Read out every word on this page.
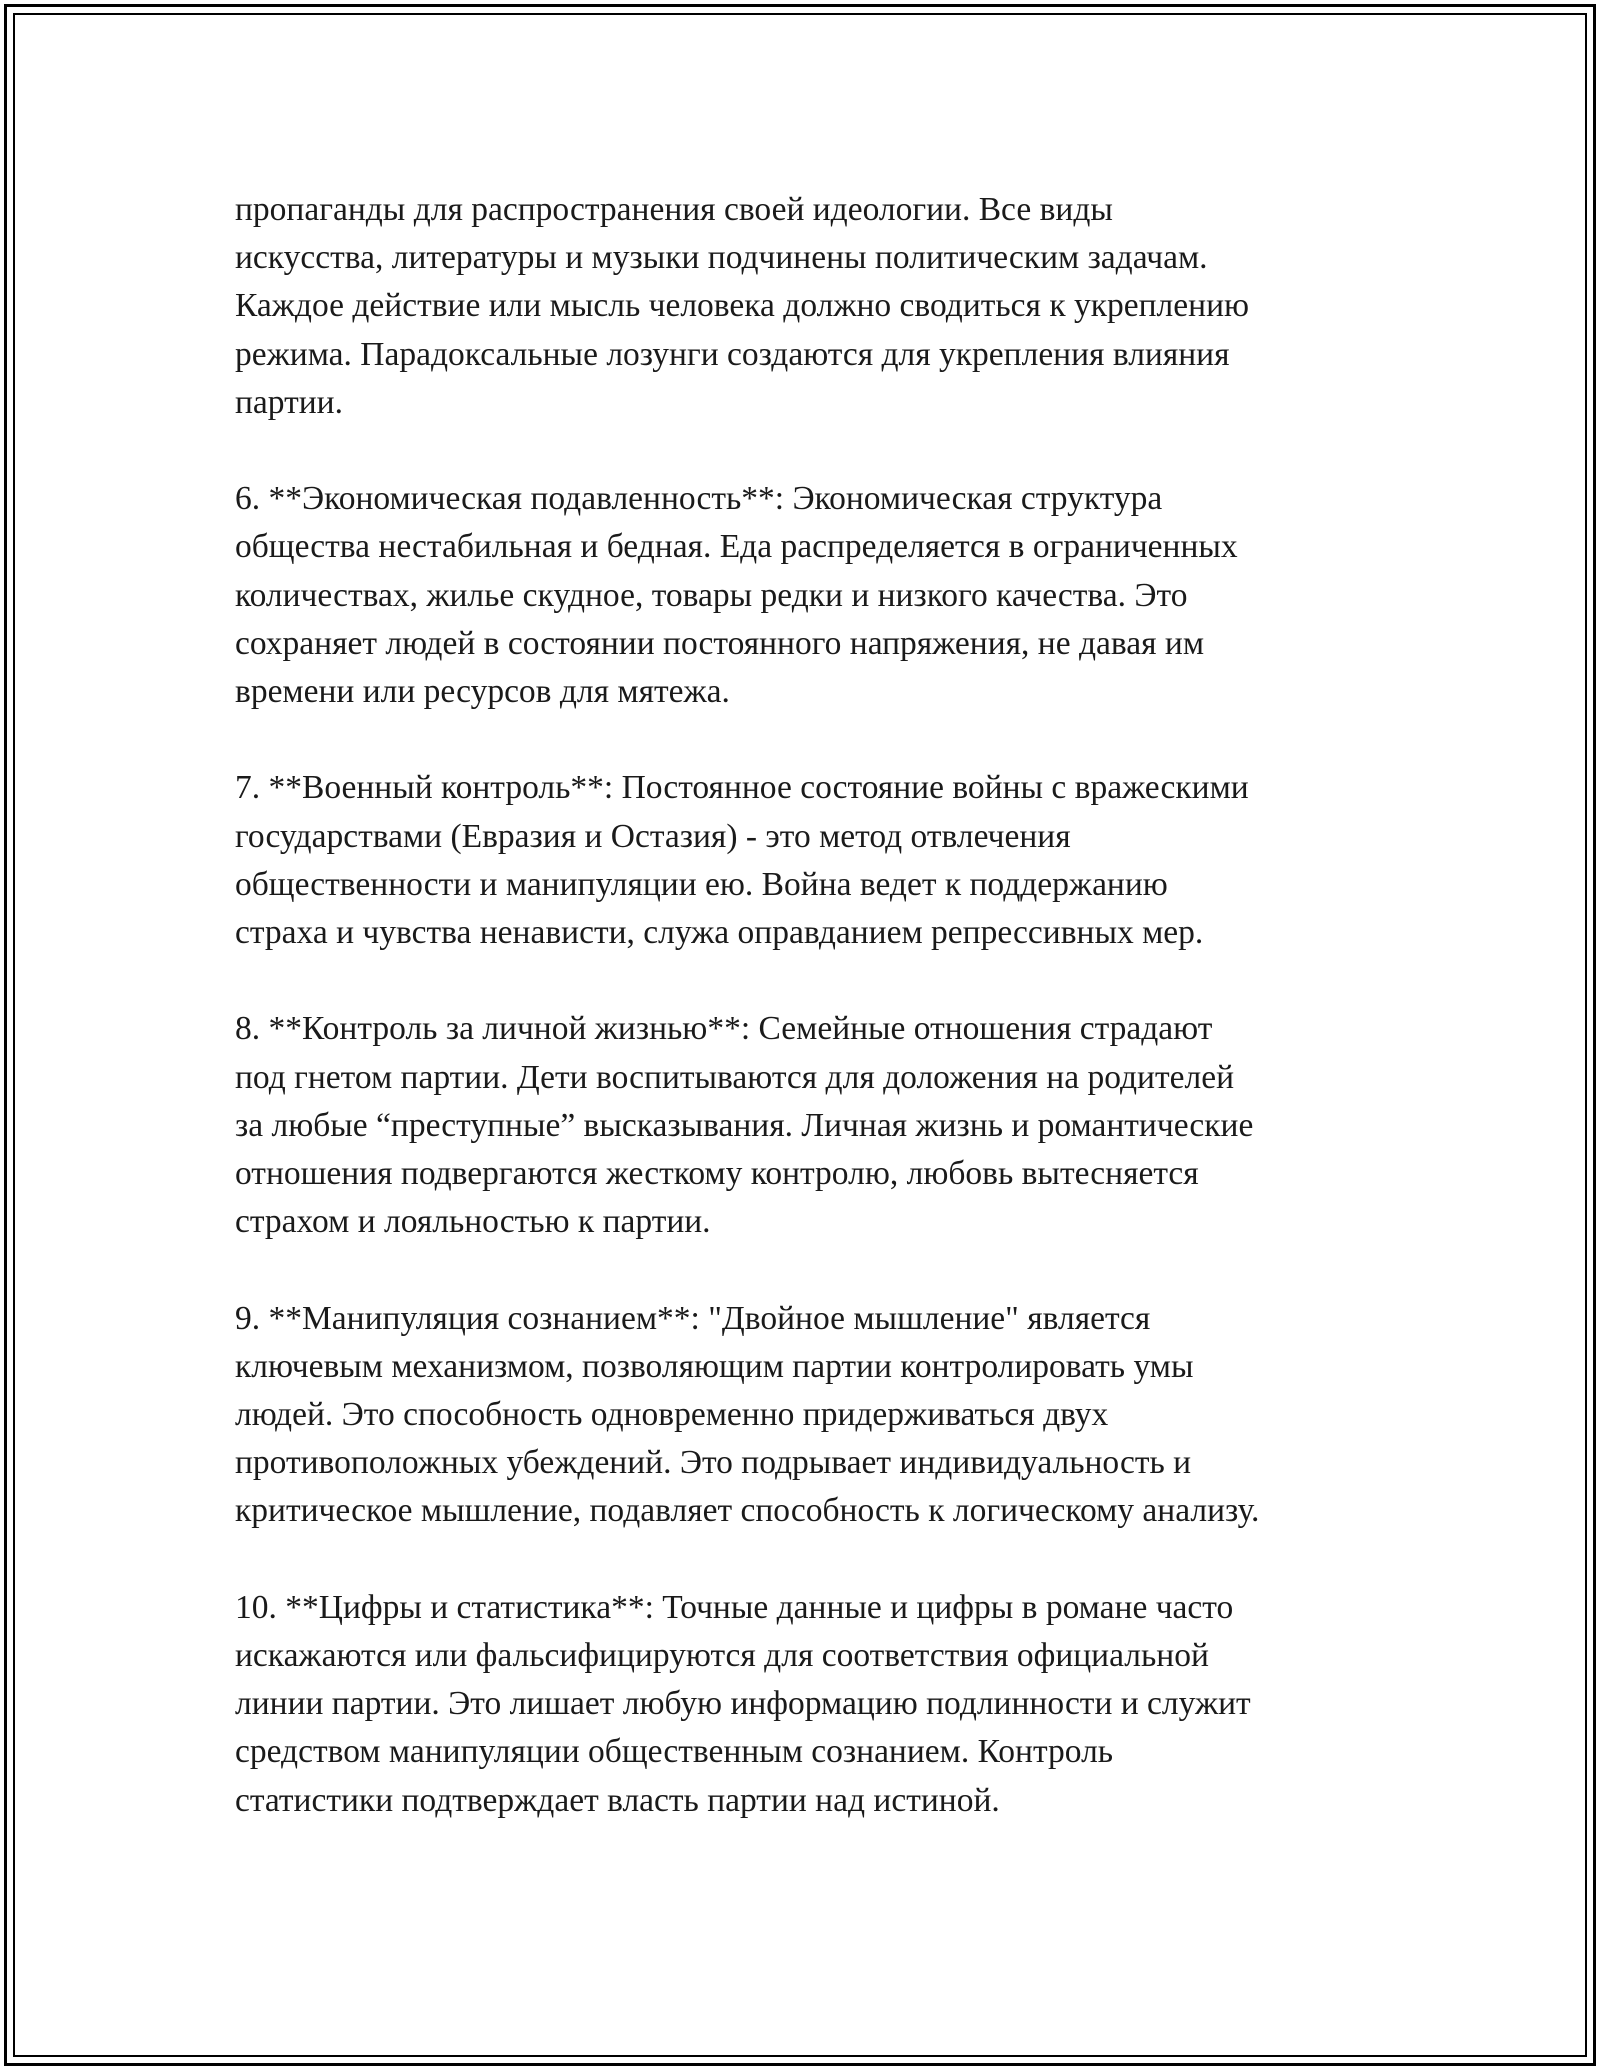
пропаганды для распространения своей идеологии. Все виды
искусства, литературы и музыки подчинены политическим задачам.
Каждое действие или мысль человека должно сводиться к укреплению
режима. Парадоксальные лозунги создаются для укрепления влияния
партии.

6. **Экономическая подавленность**: Экономическая структура
общества нестабильная и бедная. Еда распределяется в ограниченных
количествах, жилье скудное, товары редки и низкого качества. Это
сохраняет людей в состоянии постоянного напряжения, не давая им
времени или ресурсов для мятежа.

7. **Военный контроль**: Постоянное состояние войны с вражескими
государствами (Евразия и Остазия) - это метод отвлечения
общественности и манипуляции ею. Война ведет к поддержанию
страха и чувства ненависти, служа оправданием репрессивных мер.

8. **Контроль за личной жизнью**: Семейные отношения страдают
под гнетом партии. Дети воспитываются для доложения на родителей
за любые “преступные” высказывания. Личная жизнь и романтические
отношения подвергаются жесткому контролю, любовь вытесняется
страхом и лояльностью к партии.

9. **Манипуляция сознанием**: "Двойное мышление" является
ключевым механизмом, позволяющим партии контролировать умы
людей. Это способность одновременно придерживаться двух
противоположных убеждений. Это подрывает индивидуальность и
критическое мышление, подавляет способность к логическому анализу.

10. **Цифры и статистика**: Точные данные и цифры в романе часто
искажаются или фальсифицируются для соответствия официальной
линии партии. Это лишает любую информацию подлинности и служит
средством манипуляции общественным сознанием. Контроль
статистики подтверждает власть партии над истиной.
